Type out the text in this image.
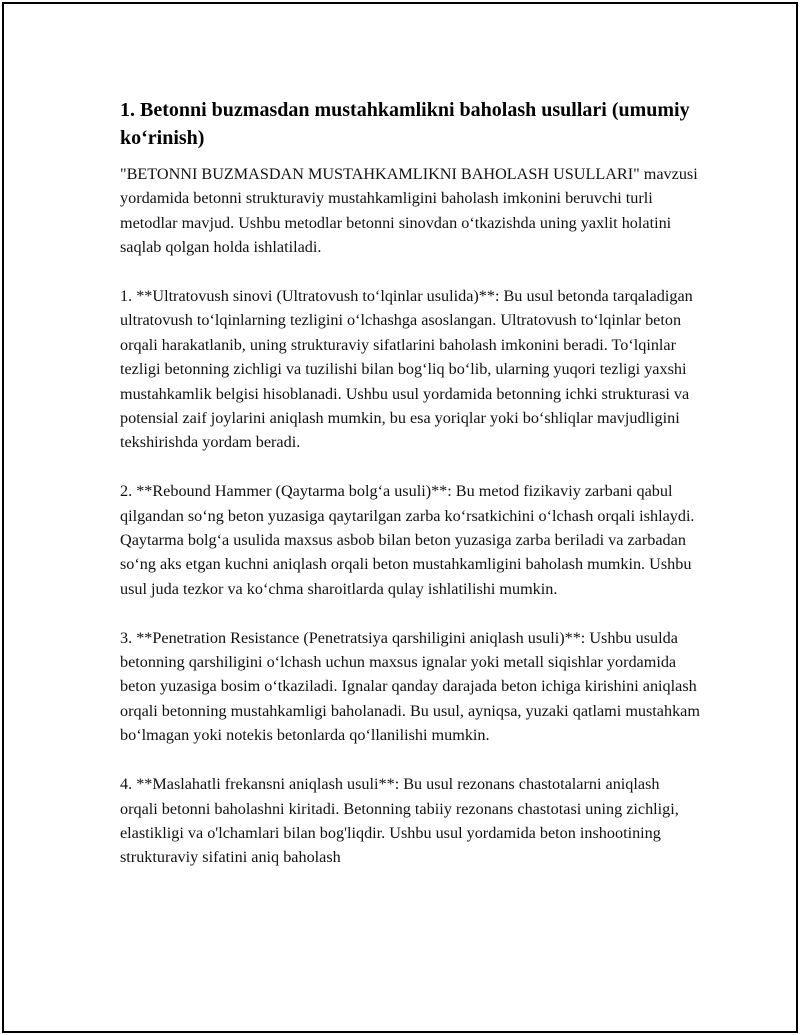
1. Betonni buzmasdan mustahkamlikni baholash usullari (umumiy ko‘rinish)

"BETONNI BUZMASDAN MUSTAHKAMLIKNI BAHOLASH USULLARI" mavzusi yordamida betonni strukturaviy mustahkamligini baholash imkonini beruvchi turli metodlar mavjud. Ushbu metodlar betonni sinovdan o‘tkazishda uning yaxlit holatini saqlab qolgan holda ishlatiladi.

1. **Ultratovush sinovi (Ultratovush to‘lqinlar usulida)**: Bu usul betonda tarqaladigan ultratovush to‘lqinlarning tezligini o‘lchashga asoslangan. Ultratovush to‘lqinlar beton orqali harakatlanib, uning strukturaviy sifatlarini baholash imkonini beradi. To‘lqinlar tezligi betonning zichligi va tuzilishi bilan bog‘liq bo‘lib, ularning yuqori tezligi yaxshi mustahkamlik belgisi hisoblanadi. Ushbu usul yordamida betonning ichki strukturasi va potensial zaif joylarini aniqlash mumkin, bu esa yoriqlar yoki bo‘shliqlar mavjudligini tekshirishda yordam beradi.

2. **Rebound Hammer (Qaytarma bolg‘a usuli)**: Bu metod fizikaviy zarbani qabul qilgandan so‘ng beton yuzasiga qaytarilgan zarba ko‘rsatkichini o‘lchash orqali ishlaydi. Qaytarma bolg‘a usulida maxsus asbob bilan beton yuzasiga zarba beriladi va zarbadan so‘ng aks etgan kuchni aniqlash orqali beton mustahkamligini baholash mumkin. Ushbu usul juda tezkor va ko‘chma sharoitlarda qulay ishlatilishi mumkin.

3. **Penetration Resistance (Penetratsiya qarshiligini aniqlash usuli)**: Ushbu usulda betonning qarshiligini o‘lchash uchun maxsus ignalar yoki metall siqishlar yordamida beton yuzasiga bosim o‘tkaziladi. Ignalar qanday darajada beton ichiga kirishini aniqlash orqali betonning mustahkamligi baholanadi. Bu usul, ayniqsa, yuzaki qatlami mustahkam bo‘lmagan yoki notekis betonlarda qo‘llanilishi mumkin.

4. **Maslahatli frekansni aniqlash usuli**: Bu usul rezonans chastotalarni aniqlash orqali betonni baholashni kiritadi. Betonning tabiiy rezonans chastotasi uning zichligi, elastikligi va o'lchamlari bilan bog'liqdir. Ushbu usul yordamida beton inshootining strukturaviy sifatini aniq baholash
